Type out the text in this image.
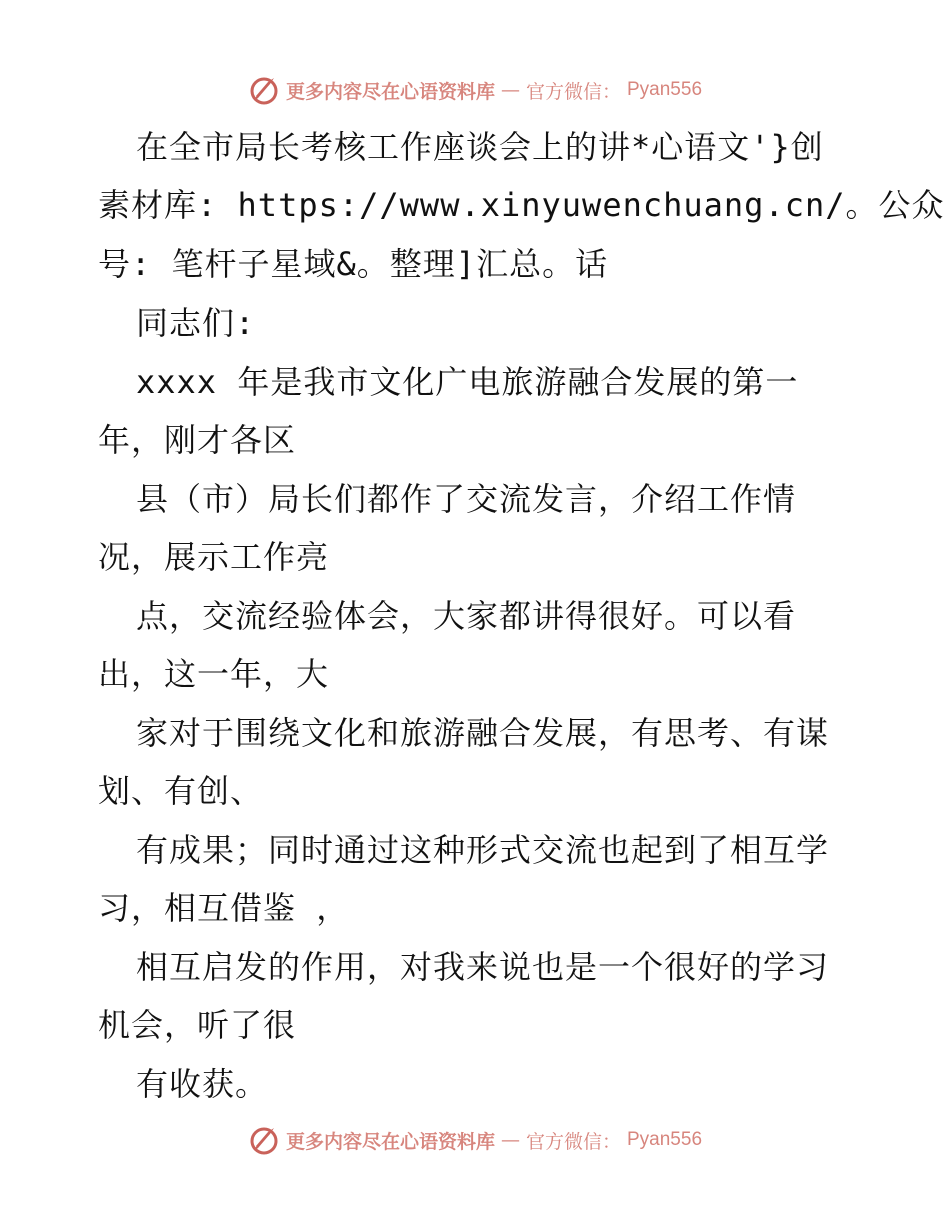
更多内容尽在心语资料库 — 官方微信： Pyan556
在全市局长考核工作座谈会上的讲*心语文'}创
素材库: https://www.xinyuwenchuang.cn/。公众
号: 笔杆子星域&。整理]汇总。话
同志们:
xxxx 年是我市文化广电旅游融合发展的第一
年，刚才各区
县（市）局长们都作了交流发言，介绍工作情
况，展示工作亮
点，交流经验体会，大家都讲得很好。可以看
出，这一年，大
家对于围绕文化和旅游融合发展，有思考、有谋
划、有创、
有成果；同时通过这种形式交流也起到了相互学
习，相互借鉴 ，
相互启发的作用，对我来说也是一个很好的学习
机会，听了很
有收获。
更多内容尽在心语资料库 — 官方微信： Pyan556
